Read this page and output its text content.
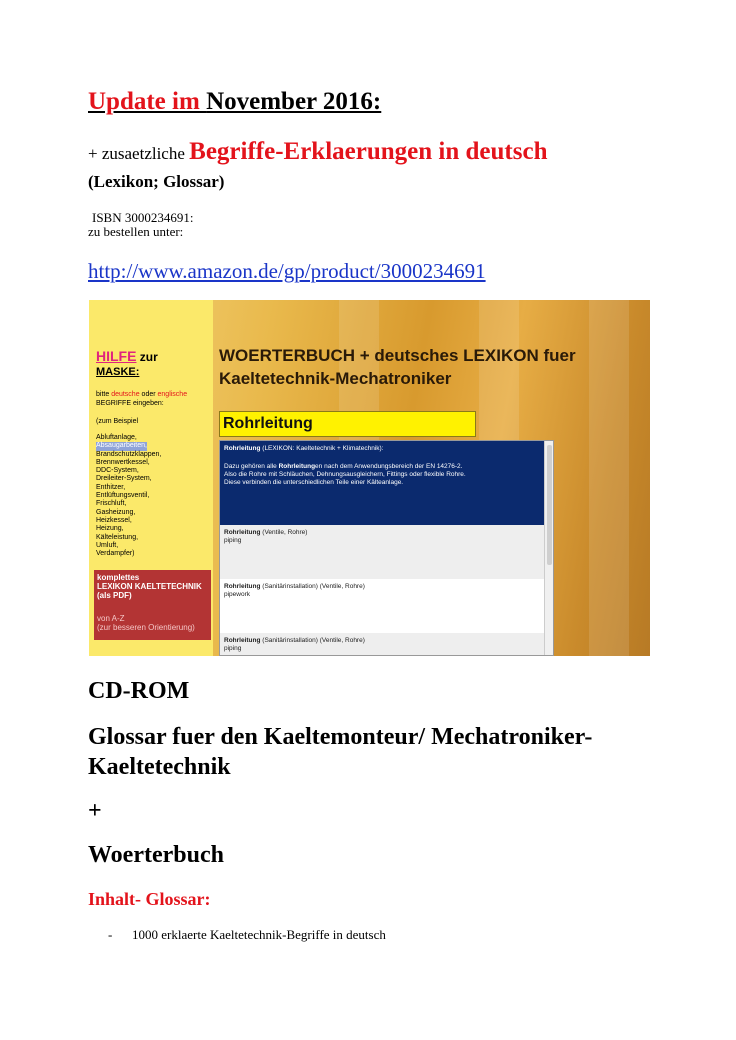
Update im November 2016:
+ zusaetzliche Begriffe-Erklaerungen in deutsch
(Lexikon; Glossar)
ISBN 3000234691:
zu bestellen unter:
http://www.amazon.de/gp/product/3000234691
HILFE zur
MASKE:
bitte deutsche oder englische BEGRIFFE eingeben:
(zum Beispiel
Abluftanlage,
Absaugarbeiten,
Brandschutzklappen,
Brennwertkessel,
DDC-System,
Dreileiter-System,
Enthitzer,
Entlüftungsventil,
Frischluft,
Gasheizung,
Heizkessel,
Heizung,
Kälteleistung,
Umluft,
Verdampfer)
komplettes
LEXIKON KAELTETECHNIK
(als PDF)
von A-Z
(zur besseren Orientierung)
WOERTERBUCH + deutsches LEXIKON fuer Kaeltetechnik-Mechatroniker
Rohrleitung
Rohrleitung (LEXIKON: Kaeltetechnik + Klimatechnik):
Dazu gehören alle Rohrleitungen nach dem Anwendungsbereich der EN 14276-2.
Also die Rohre mit Schläuchen, Dehnungsausgleichern, Fittings oder flexible Rohre.
Diese verbinden die unterschiedlichen Teile einer Kälteanlage.
Rohrleitung (Ventile, Rohre)
piping
Rohrleitung (Sanitärinstallation) (Ventile, Rohre)
pipework
Rohrleitung (Sanitärinstallation) (Ventile, Rohre)
piping
CD-ROM
Glossar fuer den Kaeltemonteur/ Mechatroniker- Kaeltetechnik
+
Woerterbuch
Inhalt- Glossar:
- 1000 erklaerte Kaeltetechnik-Begriffe in deutsch
